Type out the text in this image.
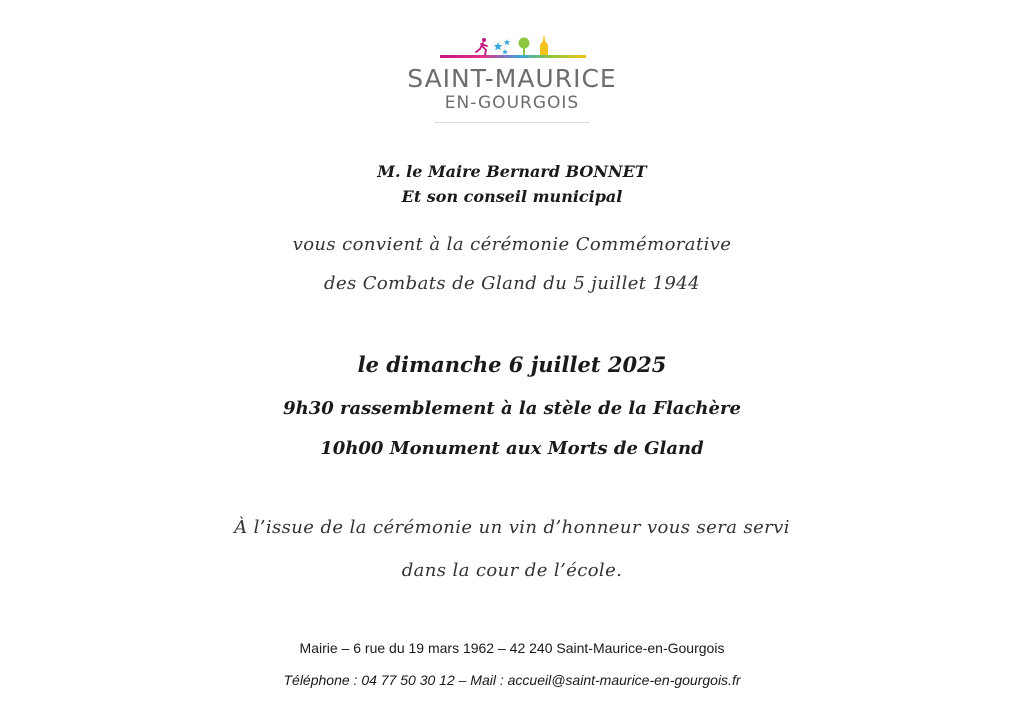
SAINT-MAURICE
EN-GOURGOIS
M. le Maire Bernard BONNET
Et son conseil municipal
vous convient à la cérémonie Commémorative
des Combats de Gland du 5 juillet 1944
le dimanche 6 juillet 2025
9h30 rassemblement à la stèle de la Flachère
10h00 Monument aux Morts de Gland
À l’issue de la cérémonie un vin d’honneur vous sera servi
dans la cour de l’école.
Mairie – 6 rue du 19 mars 1962 – 42 240 Saint-Maurice-en-Gourgois
Téléphone : 04 77 50 30 12 – Mail : accueil@saint-maurice-en-gourgois.fr
